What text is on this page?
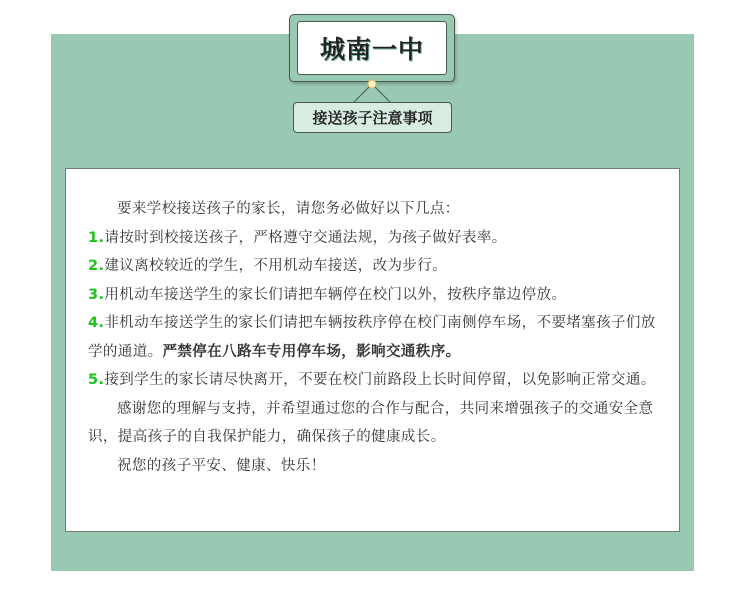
城南一中
接送孩子注意事项

要来学校接送孩子的家长，请您务必做好以下几点：

1.请按时到校接送孩子，严格遵守交通法规，为孩子做好表率。

2.建议离校较近的学生，不用机动车接送，改为步行。

3.用机动车接送学生的家长们请把车辆停在校门以外，按秩序靠边停放。

4.非机动车接送学生的家长们请把车辆按秩序停在校门南侧停车场，不要堵塞孩子们放学的通道。严禁停在八路车专用停车场，影响交通秩序。

5.接到学生的家长请尽快离开，不要在校门前路段上长时间停留，以免影响正常交通。

感谢您的理解与支持，并希望通过您的合作与配合，共同来增强孩子的交通安全意识，提高孩子的自我保护能力，确保孩子的健康成长。

祝您的孩子平安、健康、快乐！
